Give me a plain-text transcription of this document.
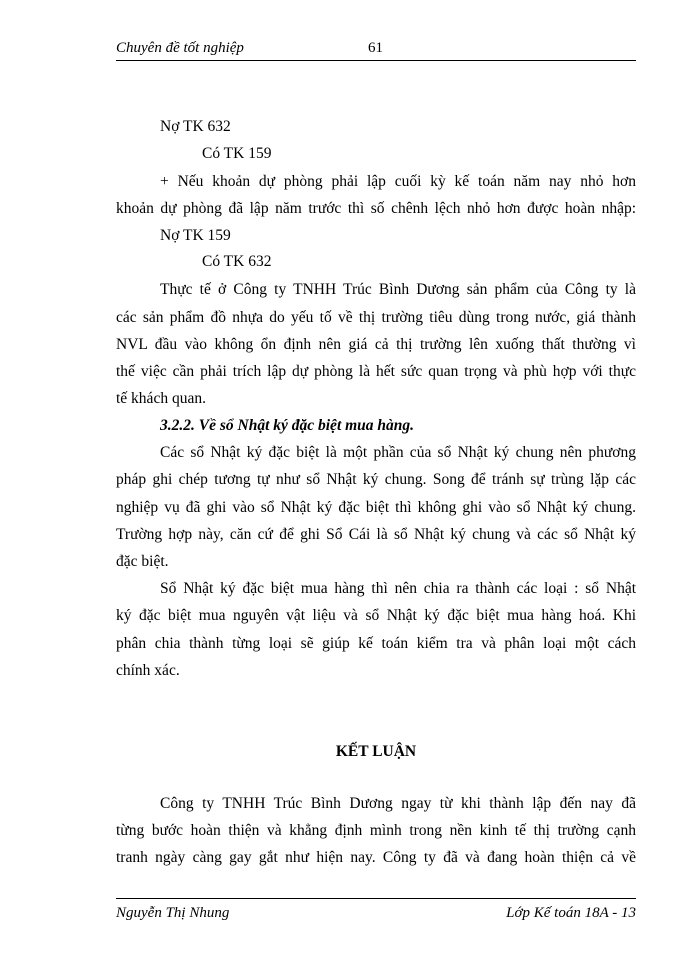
Chuyên đề tốt nghiệp	61
Nợ TK 632
Có TK 159
+ Nếu khoản dự phòng phải lập cuối kỳ kế toán năm nay nhỏ hơn
khoản dự phòng đã lập năm trước thì số chênh lệch nhỏ hơn được hoàn nhập:
Nợ TK 159
Có TK 632
Thực tế ở Công ty TNHH Trúc Bình Dương sản phẩm của Công ty là
các sản phẩm đồ nhựa do yếu tố về thị trường tiêu dùng trong nước, giá thành
NVL đầu vào không ổn định nên giá cả thị trường lên xuống thất thường vì
thế việc cần phải trích lập dự phòng là hết sức quan trọng và phù hợp với thực
tế khách quan.
3.2.2. Về sổ Nhật ký đặc biệt mua hàng.
Các sổ Nhật ký đặc biệt là một phần của sổ Nhật ký chung nên phương
pháp ghi chép tương tự như sổ Nhật ký chung. Song để tránh sự trùng lặp các
nghiệp vụ đã ghi vào sổ Nhật ký đặc biệt thì không ghi vào sổ Nhật ký chung.
Trường hợp này, căn cứ để ghi Sổ Cái là sổ Nhật ký chung và các sổ Nhật ký
đặc biệt.
Sổ Nhật ký đặc biệt mua hàng thì nên chia ra thành các loại : sổ Nhật
ký đặc biệt mua nguyên vật liệu và sổ Nhật ký đặc biệt mua hàng hoá. Khi
phân chia thành từng loại sẽ giúp kế toán kiểm tra và phân loại một cách
chính xác.
KẾT LUẬN
Công ty TNHH Trúc Bình Dương ngay từ khi thành lập đến nay đã
từng bước hoàn thiện và khẳng định mình trong nền kinh tế thị trường cạnh
tranh ngày càng gay gắt như hiện nay. Công ty đã và đang hoàn thiện cả về
Nguyễn Thị Nhung	Lớp Kế toán 18A - 13
